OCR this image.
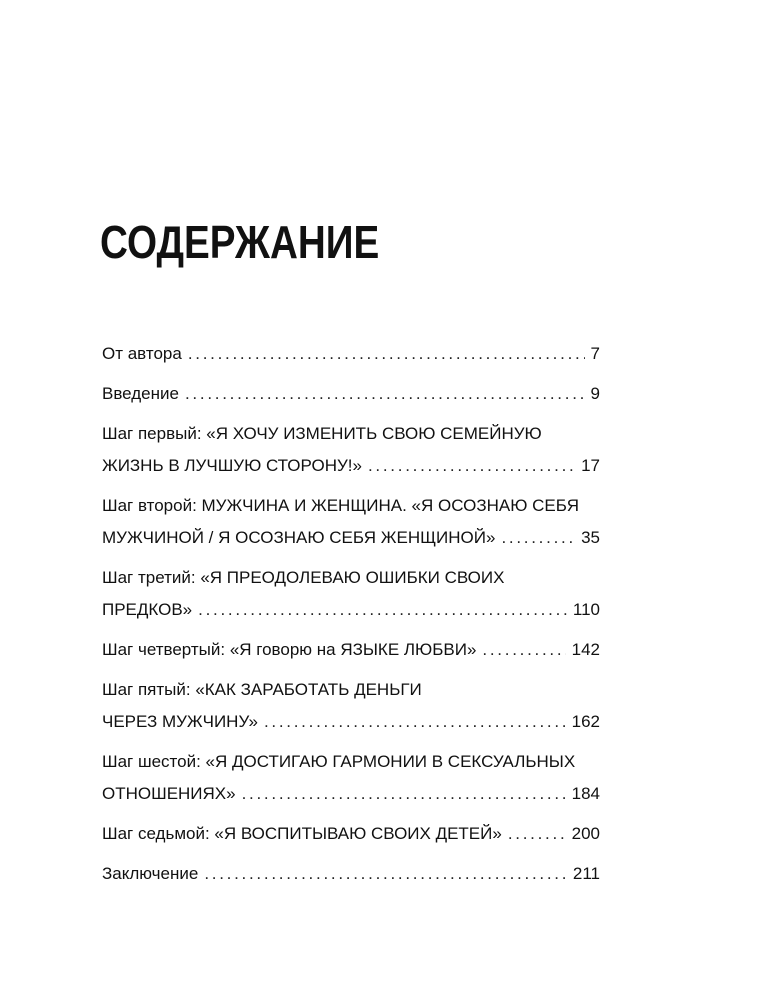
СОДЕРЖАНИЕ
От автора . . .	7
Введение . . .	9
Шаг первый: «Я ХОЧУ ИЗМЕНИТЬ СВОЮ СЕМЕЙНУЮ
ЖИЗНЬ В ЛУЧШУЮ СТОРОНУ!» . . .	17
Шаг второй: МУЖЧИНА И ЖЕНЩИНА. «Я ОСОЗНАЮ СЕБЯ
МУЖЧИНОЙ / Я ОСОЗНАЮ СЕБЯ ЖЕНЩИНОЙ» . . .	35
Шаг третий: «Я ПРЕОДОЛЕВАЮ ОШИБКИ СВОИХ
ПРЕДКОВ» . . .	110
Шаг четвертый: «Я говорю на ЯЗЫКЕ ЛЮБВИ» . . .	142
Шаг пятый: «КАК ЗАРАБОТАТЬ ДЕНЬГИ
ЧЕРЕЗ МУЖЧИНУ» . . .	162
Шаг шестой: «Я ДОСТИГАЮ ГАРМОНИИ В СЕКСУАЛЬНЫХ
ОТНОШЕНИЯХ» . . .	184
Шаг седьмой: «Я ВОСПИТЫВАЮ СВОИХ ДЕТЕЙ» . . .	200
Заключение . . .	211
